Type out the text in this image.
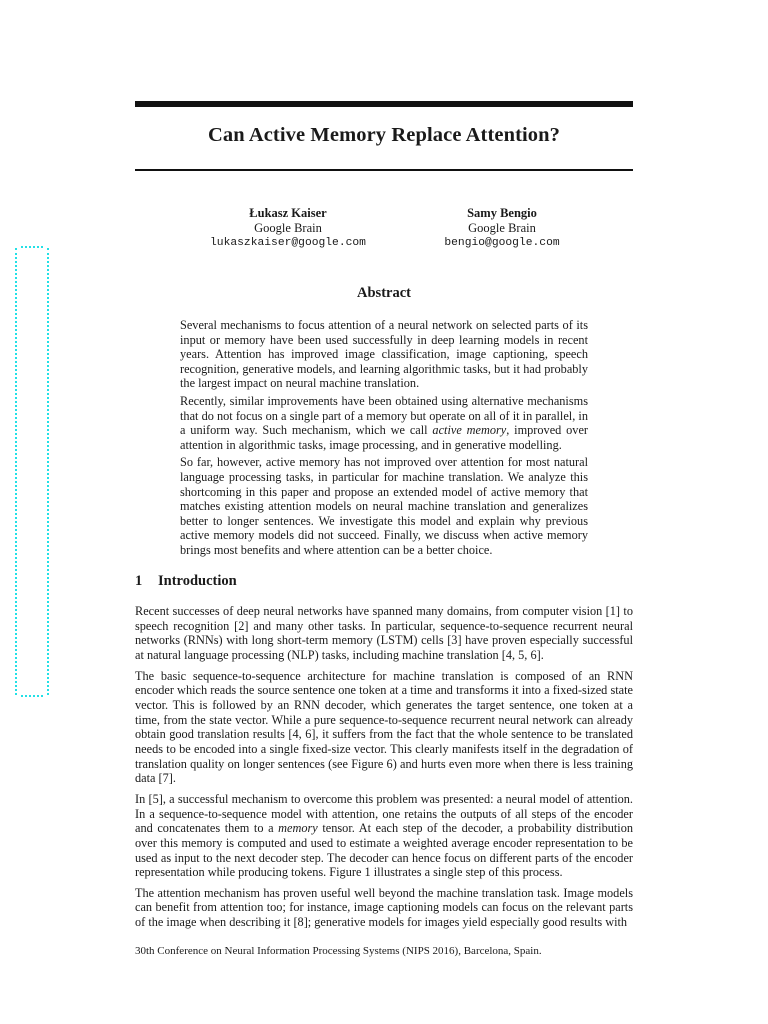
Can Active Memory Replace Attention?
Łukasz Kaiser
Google Brain
lukaszkaiser@google.com
Samy Bengio
Google Brain
bengio@google.com
Abstract

Several mechanisms to focus attention of a neural network on selected parts of its input or memory have been used successfully in deep learning models in recent years. Attention has improved image classification, image captioning, speech recognition, generative models, and learning algorithmic tasks, but it had probably the largest impact on neural machine translation.

Recently, similar improvements have been obtained using alternative mechanisms that do not focus on a single part of a memory but operate on all of it in parallel, in a uniform way. Such mechanism, which we call active memory, improved over attention in algorithmic tasks, image processing, and in generative modelling.

So far, however, active memory has not improved over attention for most natural language processing tasks, in particular for machine translation. We analyze this shortcoming in this paper and propose an extended model of active memory that matches existing attention models on neural machine translation and generalizes better to longer sentences. We investigate this model and explain why previous active memory models did not succeed. Finally, we discuss when active memory brings most benefits and where attention can be a better choice.

1 Introduction

Recent successes of deep neural networks have spanned many domains, from computer vision [1] to speech recognition [2] and many other tasks. In particular, sequence-to-sequence recurrent neural networks (RNNs) with long short-term memory (LSTM) cells [3] have proven especially successful at natural language processing (NLP) tasks, including machine translation [4, 5, 6].

The basic sequence-to-sequence architecture for machine translation is composed of an RNN encoder which reads the source sentence one token at a time and transforms it into a fixed-sized state vector. This is followed by an RNN decoder, which generates the target sentence, one token at a time, from the state vector. While a pure sequence-to-sequence recurrent neural network can already obtain good translation results [4, 6], it suffers from the fact that the whole sentence to be translated needs to be encoded into a single fixed-size vector. This clearly manifests itself in the degradation of translation quality on longer sentences (see Figure 6) and hurts even more when there is less training data [7].

In [5], a successful mechanism to overcome this problem was presented: a neural model of attention. In a sequence-to-sequence model with attention, one retains the outputs of all steps of the encoder and concatenates them to a memory tensor. At each step of the decoder, a probability distribution over this memory is computed and used to estimate a weighted average encoder representation to be used as input to the next decoder step. The decoder can hence focus on different parts of the encoder representation while producing tokens. Figure 1 illustrates a single step of this process.

The attention mechanism has proven useful well beyond the machine translation task. Image models can benefit from attention too; for instance, image captioning models can focus on the relevant parts of the image when describing it [8]; generative models for images yield especially good results with

30th Conference on Neural Information Processing Systems (NIPS 2016), Barcelona, Spain.
